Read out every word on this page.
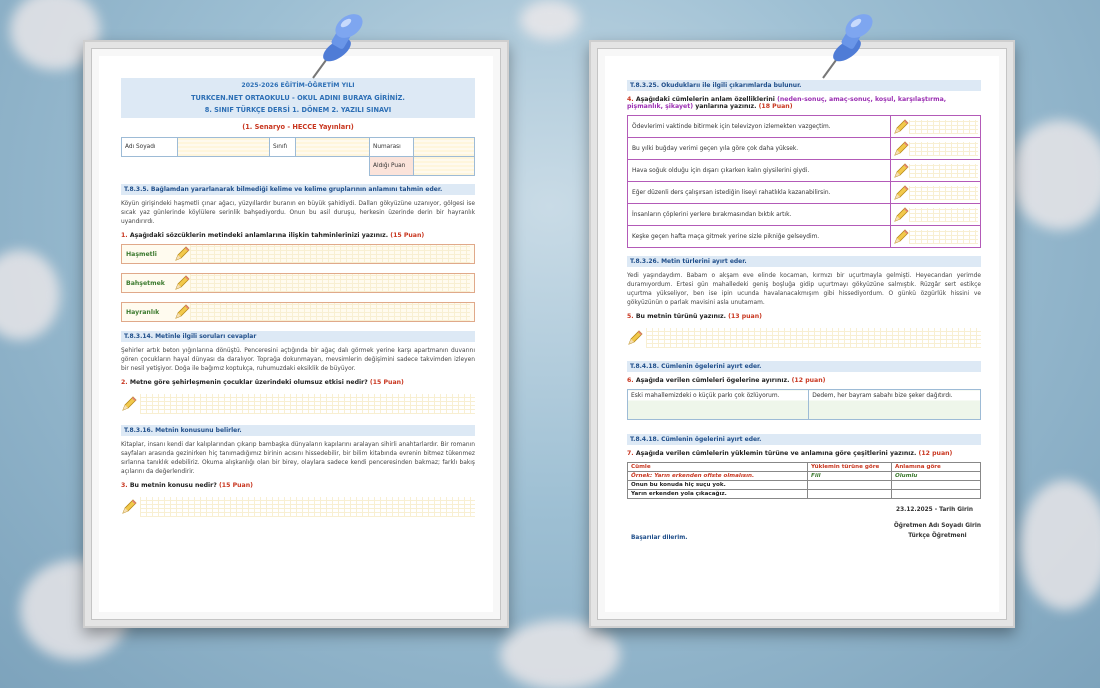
2025-2026 EĞİTİM-ÖĞRETİM YILI
TURKCEN.NET ORTAOKULU - OKUL ADINI BURAYA GİRİNİZ.
8. SINIF TÜRKÇE DERSİ 1. DÖNEM 2. YAZILI SINAVI
(1. Senaryo - HECCE Yayınları)
Adı Soyadı		Sınıfı		Numarası	
				Aldığı Puan	
T.8.3.5. Bağlamdan yararlanarak bilmediği kelime ve kelime gruplarının anlamını tahmin eder.
Köyün girişindeki haşmetli çınar ağacı, yüzyıllardır buranın en büyük şahidiydi. Dalları gökyüzüne uzanıyor, gölgesi ise sıcak yaz günlerinde köylülere serinlik bahşediyordu. Onun bu asil duruşu, herkesin üzerinde derin bir hayranlık uyandırırdı.
1. Aşağıdaki sözcüklerin metindeki anlamlarına ilişkin tahminlerinizi yazınız. (15 Puan)
Haşmetli
Bahşetmek
Hayranlık
T.8.3.14. Metinle ilgili soruları cevaplar
Şehirler artık beton yığınlarına dönüştü. Penceresini açtığında bir ağaç dalı görmek yerine karşı apartmanın duvarını gören çocukların hayal dünyası da daralıyor. Toprağa dokunmayan, mevsimlerin değişimini sadece takvimden izleyen bir nesil yetişiyor. Doğa ile bağımız koptukça, ruhumuzdaki eksiklik de büyüyor.
2. Metne göre şehirleşmenin çocuklar üzerindeki olumsuz etkisi nedir? (15 Puan)
T.8.3.16. Metnin konusunu belirler.
Kitaplar, insanı kendi dar kalıplarından çıkarıp bambaşka dünyaların kapılarını aralayan sihirli anahtarlardır. Bir romanın sayfaları arasında gezinirken hiç tanımadığımız birinin acısını hissedebilir, bir bilim kitabında evrenin bitmez tükenmez sırlarına tanıklık edebiliriz. Okuma alışkanlığı olan bir birey, olaylara sadece kendi penceresinden bakmaz; farklı bakış açılarını da değerlendirir.
3. Bu metnin konusu nedir? (15 Puan)
T.8.3.25. Okuduklarıı ile ilgili çıkarımlarda bulunur.
4. Aşağıdaki cümlelerin anlam özelliklerini (neden-sonuç, amaç-sonuç, koşul, karşılaştırma, pişmanlık, şikayet) yanlarına yazınız. (18 Puan)
Ödevlerimi vaktinde bitirmek için televizyon izlemekten vazgeçtim.	

Bu yılki buğday verimi geçen yıla göre çok daha yüksek.	

Hava soğuk olduğu için dışarı çıkarken kalın giysilerini giydi.	

Eğer düzenli ders çalışırsan istediğin liseyi rahatlıkla kazanabilirsin.	

İnsanların çöplerini yerlere bırakmasından bıktık artık.	

Keşke geçen hafta maça gitmek yerine sizle pikniğe gelseydim.	
T.8.3.26. Metin türlerini ayırt eder.
Yedi yaşındaydım. Babam o akşam eve elinde kocaman, kırmızı bir uçurtmayla gelmişti. Heyecandan yerimde duramıyordum. Ertesi gün mahalledeki geniş boşluğa gidip uçurtmayı gökyüzüne salmıştık. Rüzgâr sert estikçe uçurtma yükseliyor, ben ise ipin ucunda havalanacakmışım gibi hissediyordum. O günkü özgürlük hissini ve gökyüzünün o parlak mavisini asla unutamam.
5. Bu metnin türünü yazınız. (13 puan)
T.8.4.18. Cümlenin ögelerini ayırt eder.
6. Aşağıda verilen cümleleri ögelerine ayırınız. (12 puan)
Eski mahallemizdeki o küçük parkı çok özlüyorum.	Dedem, her bayram sabahı bize şeker dağıtırdı.
T.8.4.18. Cümlenin ögelerini ayırt eder.
7. Aşağıda verilen cümlelerin yüklemin türüne ve anlamına göre çeşitlerini yazınız. (12 puan)
Cümle	Yüklemin türüne göre	Anlamına göre
Örnek: Yarın erkenden ofiste olmalısın.	Fiil	Olumlu
Onun bu konuda hiç suçu yok.		
Yarın erkenden yola çıkacağız.		
23.12.2025 - Tarih Girin
Başarılar dilerim.
Öğretmen Adı Soyadı Girin
Türkçe Öğretmeni
